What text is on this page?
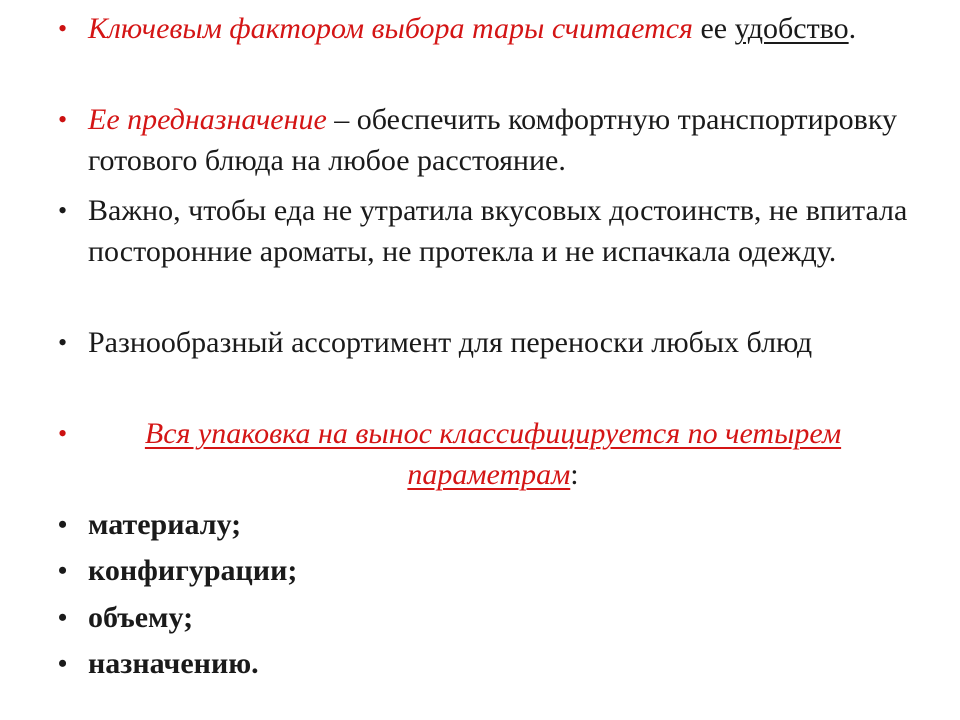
• Ключевым фактором выбора тары считается ее удобство.
• Ее предназначение – обеспечить комфортную транспортировку готового блюда на любое расстояние.
• Важно, чтобы еда не утратила вкусовых достоинств, не впитала посторонние ароматы, не протекла и не испачкала одежду.
• Разнообразный ассортимент для переноски любых блюд
• Вся упаковка на вынос классифицируется по четырем параметрам:
• материалу;
• конфигурации;
• объему;
• назначению.
